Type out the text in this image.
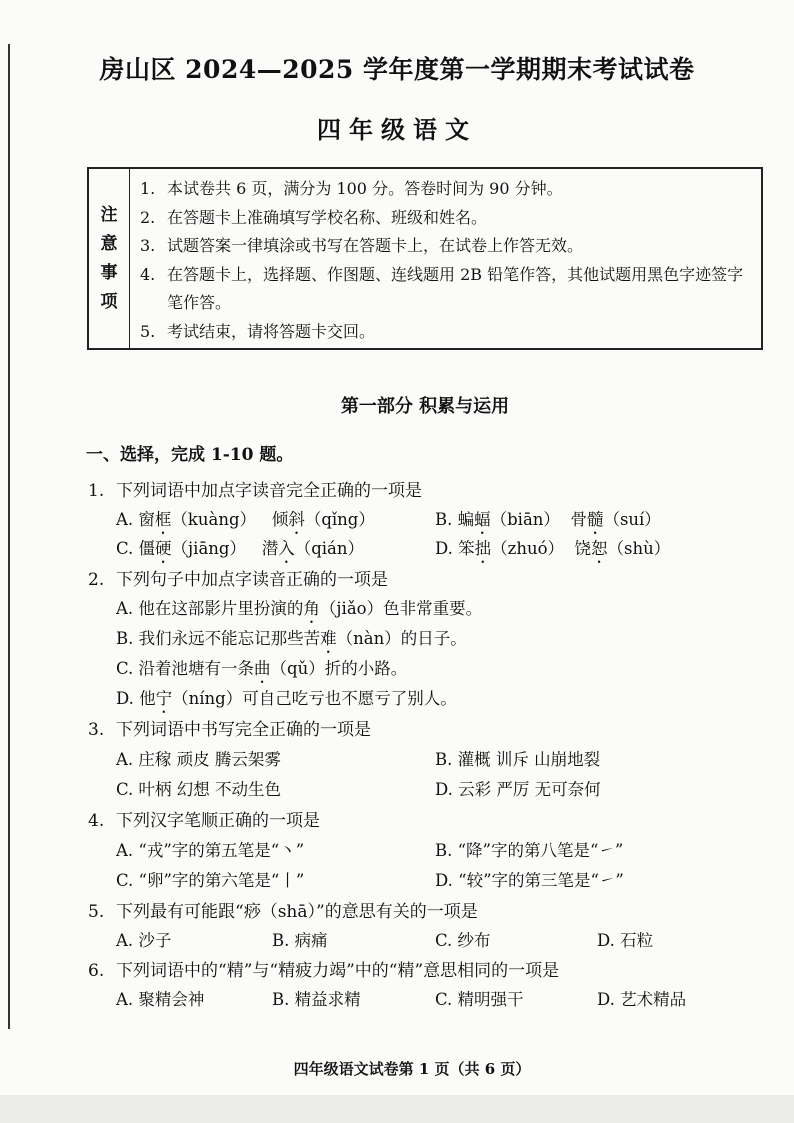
房山区 2024—2025 学年度第一学期期末考试试卷
四年级语文
注
意
事
项
1. 本试卷共 6 页，满分为 100 分。答卷时间为 90 分钟。
2. 在答题卡上准确填写学校名称、班级和姓名。
3. 试题答案一律填涂或书写在答题卡上，在试卷上作答无效。
4. 在答题卡上，选择题、作图题、连线题用 2B 铅笔作答，其他试题用黑色字迹签字笔作答。
5. 考试结束，请将答题卡交回。
第一部分 积累与运用
一、选择，完成 1-10 题。
1. 下列词语中加点字读音完全正确的一项是
A. 窗框（kuàng） 倾斜（qǐng）	B. 蝙蝠（biān） 骨髓（suí）
C. 僵硬（jiāng） 潜入（qián）	D. 笨拙（zhuó） 饶恕（shù）
2. 下列句子中加点字读音正确的一项是
A. 他在这部影片里扮演的角（jiǎo）色非常重要。
B. 我们永远不能忘记那些苦难（nàn）的日子。
C. 沿着池塘有一条曲（qǔ）折的小路。
D. 他宁（níng）可自己吃亏也不愿亏了别人。
3. 下列词语中书写完全正确的一项是
A. 庄稼 顽皮 腾云架雾	B. 灌概 训斥 山崩地裂
C. 叶柄 幻想 不动生色	D. 云彩 严厉 无可奈何
4. 下列汉字笔顺正确的一项是
A. “戎”字的第五笔是“丶”	B. “降”字的第八笔是“㇀”
C. “卵”字的第六笔是“丨”	D. “较”字的第三笔是“㇀”
5. 下列最有可能跟“痧（shā）”的意思有关的一项是
A. 沙子	B. 病痛	C. 纱布	D. 石粒
6. 下列词语中的“精”与“精疲力竭”中的“精”意思相同的一项是
A. 聚精会神	B. 精益求精	C. 精明强干	D. 艺术精品
四年级语文试卷第 1 页（共 6 页）
